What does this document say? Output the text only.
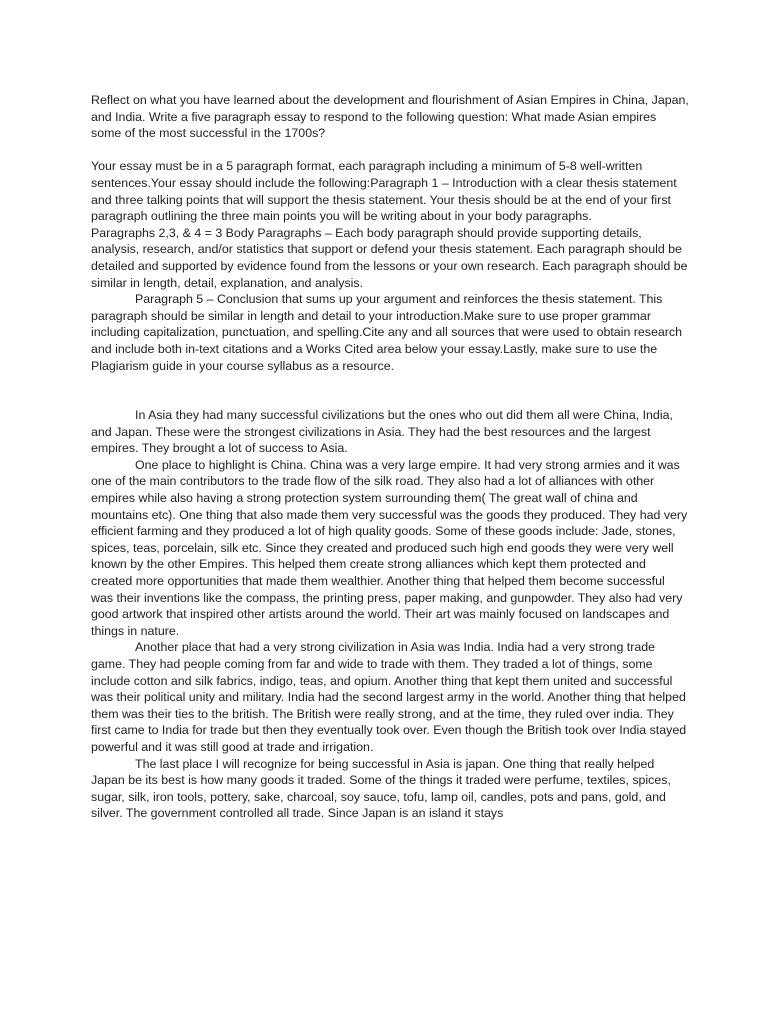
Reflect on what you have learned about the development and flourishment of Asian Empires in China, Japan, and India. Write a five paragraph essay to respond to the following question: What made Asian empires some of the most successful in the 1700s?

Your essay must be in a 5 paragraph format, each paragraph including a minimum of 5-8 well-written sentences.Your essay should include the following:Paragraph 1 – Introduction with a clear thesis statement and three talking points that will support the thesis statement. Your thesis should be at the end of your first paragraph outlining the three main points you will be writing about in your body paragraphs.

Paragraphs 2,3, & 4 = 3 Body Paragraphs – Each body paragraph should provide supporting details, analysis, research, and/or statistics that support or defend your thesis statement. Each paragraph should be detailed and supported by evidence found from the lessons or your own research. Each paragraph should be similar in length, detail, explanation, and analysis.

Paragraph 5 – Conclusion that sums up your argument and reinforces the thesis statement. This paragraph should be similar in length and detail to your introduction.Make sure to use proper grammar including capitalization, punctuation, and spelling.Cite any and all sources that were used to obtain research and include both in-text citations and a Works Cited area below your essay.Lastly, make sure to use the Plagiarism guide in your course syllabus as a resource.

In Asia they had many successful civilizations but the ones who out did them all were China, India, and Japan. These were the strongest civilizations in Asia. They had the best resources and the largest empires. They brought a lot of success to Asia.

One place to highlight is China. China was a very large empire. It had very strong armies and it was one of the main contributors to the trade flow of the silk road. They also had a lot of alliances with other empires while also having a strong protection system surrounding them( The great wall of china and mountains etc). One thing that also made them very successful was the goods they produced. They had very efficient farming and they produced a lot of high quality goods. Some of these goods include: Jade, stones, spices, teas, porcelain, silk etc. Since they created and produced such high end goods they were very well known by the other Empires. This helped them create strong alliances which kept them protected and created more opportunities that made them wealthier. Another thing that helped them become successful was their inventions like the compass, the printing press, paper making, and gunpowder. They also had very good artwork that inspired other artists around the world. Their art was mainly focused on landscapes and things in nature.

Another place that had a very strong civilization in Asia was India. India had a very strong trade game. They had people coming from far and wide to trade with them. They traded a lot of things, some include cotton and silk fabrics, indigo, teas, and opium. Another thing that kept them united and successful was their political unity and military. India had the second largest army in the world. Another thing that helped them was their ties to the british. The British were really strong, and at the time, they ruled over india. They first came to India for trade but then they eventually took over. Even though the British took over India stayed powerful and it was still good at trade and irrigation.

The last place I will recognize for being successful in Asia is japan. One thing that really helped Japan be its best is how many goods it traded. Some of the things it traded were perfume, textiles, spices, sugar, silk, iron tools, pottery, sake, charcoal, soy sauce, tofu, lamp oil, candles, pots and pans, gold, and silver. The government controlled all trade. Since Japan is an island it stays
